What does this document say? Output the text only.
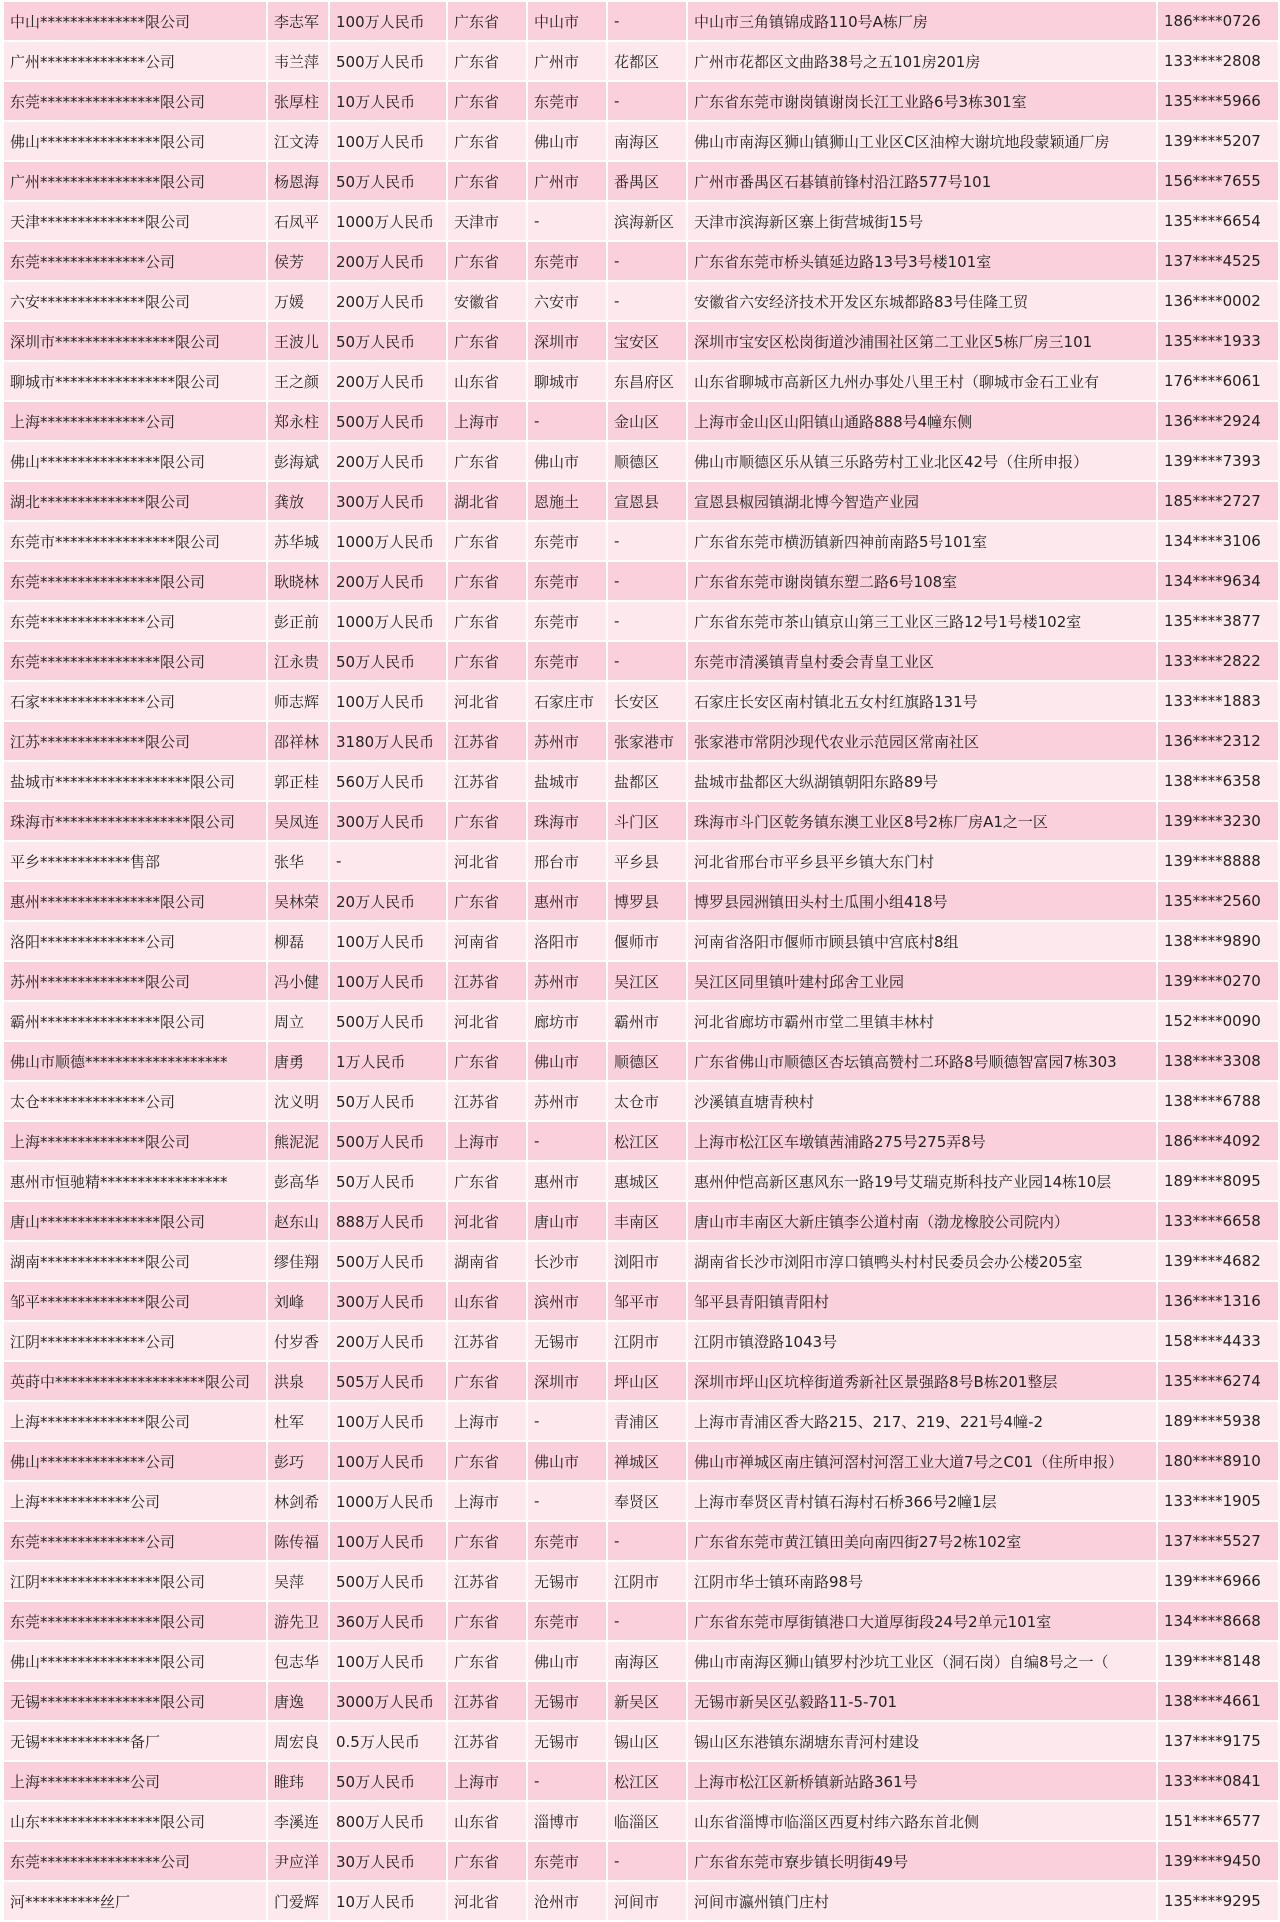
中山**************限公司	李志军	100万人民币	广东省	中山市	-	中山市三角镇锦成路110号A栋厂房	186****0726
广州**************公司	韦兰萍	500万人民币	广东省	广州市	花都区	广州市花都区文曲路38号之五101房201房	133****2808
东莞****************限公司	张厚柱	10万人民币	广东省	东莞市	-	广东省东莞市谢岗镇谢岗长江工业路6号3栋301室	135****5966
佛山****************限公司	江文涛	100万人民币	广东省	佛山市	南海区	佛山市南海区狮山镇狮山工业区C区油榨大谢坑地段蒙颖通厂房	139****5207
广州****************限公司	杨恩海	50万人民币	广东省	广州市	番禺区	广州市番禺区石碁镇前锋村沿江路577号101	156****7655
天津**************限公司	石凤平	1000万人民币	天津市	-	滨海新区	天津市滨海新区寨上街营城街15号	135****6654
东莞**************公司	侯芳	200万人民币	广东省	东莞市	-	广东省东莞市桥头镇延边路13号3号楼101室	137****4525
六安**************限公司	万媛	200万人民币	安徽省	六安市	-	安徽省六安经济技术开发区东城都路83号佳隆工贸	136****0002
深圳市****************限公司	王波儿	50万人民币	广东省	深圳市	宝安区	深圳市宝安区松岗街道沙浦围社区第二工业区5栋厂房三101	135****1933
聊城市****************限公司	王之颜	200万人民币	山东省	聊城市	东昌府区	山东省聊城市高新区九州办事处八里王村（聊城市金石工业有	176****6061
上海**************公司	郑永柱	500万人民币	上海市	-	金山区	上海市金山区山阳镇山通路888号4幢东侧	136****2924
佛山****************限公司	彭海斌	200万人民币	广东省	佛山市	顺德区	佛山市顺德区乐从镇三乐路劳村工业北区42号（住所申报）	139****7393
湖北**************限公司	龚放	300万人民币	湖北省	恩施土	宣恩县	宣恩县椒园镇湖北博今智造产业园	185****2727
东莞市****************限公司	苏华城	1000万人民币	广东省	东莞市	-	广东省东莞市横沥镇新四神前南路5号101室	134****3106
东莞****************限公司	耿晓林	200万人民币	广东省	东莞市	-	广东省东莞市谢岗镇东塑二路6号108室	134****9634
东莞**************公司	彭正前	1000万人民币	广东省	东莞市	-	广东省东莞市茶山镇京山第三工业区三路12号1号楼102室	135****3877
东莞****************限公司	江永贵	50万人民币	广东省	东莞市	-	东莞市清溪镇青皇村委会青皇工业区	133****2822
石家**************公司	师志辉	100万人民币	河北省	石家庄市	长安区	石家庄长安区南村镇北五女村红旗路131号	133****1883
江苏**************限公司	邵祥林	3180万人民币	江苏省	苏州市	张家港市	张家港市常阴沙现代农业示范园区常南社区	136****2312
盐城市******************限公司	郭正桂	560万人民币	江苏省	盐城市	盐都区	盐城市盐都区大纵湖镇朝阳东路89号	138****6358
珠海市******************限公司	吴凤连	300万人民币	广东省	珠海市	斗门区	珠海市斗门区乾务镇东澳工业区8号2栋厂房A1之一区	139****3230
平乡************售部	张华	-	河北省	邢台市	平乡县	河北省邢台市平乡县平乡镇大东门村	139****8888
惠州****************限公司	吴林荣	20万人民币	广东省	惠州市	博罗县	博罗县园洲镇田头村土瓜围小组418号	135****2560
洛阳**************公司	柳磊	100万人民币	河南省	洛阳市	偃师市	河南省洛阳市偃师市顾县镇中宫底村8组	138****9890
苏州**************限公司	冯小健	100万人民币	江苏省	苏州市	吴江区	吴江区同里镇叶建村邱舍工业园	139****0270
霸州****************限公司	周立	500万人民币	河北省	廊坊市	霸州市	河北省廊坊市霸州市堂二里镇丰林村	152****0090
佛山市顺德*******************	唐勇	1万人民币	广东省	佛山市	顺德区	广东省佛山市顺德区杏坛镇高赞村二环路8号顺德智富园7栋303	138****3308
太仓**************公司	沈义明	50万人民币	江苏省	苏州市	太仓市	沙溪镇直塘青秧村	138****6788
上海**************限公司	熊泥泥	500万人民币	上海市	-	松江区	上海市松江区车墩镇茜浦路275号275弄8号	186****4092
惠州市恒驰精*****************	彭高华	50万人民币	广东省	惠州市	惠城区	惠州仲恺高新区惠风东一路19号艾瑞克斯科技产业园14栋10层	189****8095
唐山****************限公司	赵东山	888万人民币	河北省	唐山市	丰南区	唐山市丰南区大新庄镇李公道村南（渤龙橡胶公司院内）	133****6658
湖南**************限公司	缪佳翔	500万人民币	湖南省	长沙市	浏阳市	湖南省长沙市浏阳市淳口镇鸭头村村民委员会办公楼205室	139****4682
邹平**************限公司	刘峰	300万人民币	山东省	滨州市	邹平市	邹平县青阳镇青阳村	136****1316
江阴**************公司	付岁香	200万人民币	江苏省	无锡市	江阴市	江阴市镇澄路1043号	158****4433
英莳中********************限公司	洪泉	505万人民币	广东省	深圳市	坪山区	深圳市坪山区坑梓街道秀新社区景强路8号B栋201整层	135****6274
上海**************限公司	杜军	100万人民币	上海市	-	青浦区	上海市青浦区香大路215、217、219、221号4幢-2	189****5938
佛山**************公司	彭巧	100万人民币	广东省	佛山市	禅城区	佛山市禅城区南庄镇河滘村河滘工业大道7号之C01（住所申报）	180****8910
上海************公司	林剑希	1000万人民币	上海市	-	奉贤区	上海市奉贤区青村镇石海村石桥366号2幢1层	133****1905
东莞**************公司	陈传福	100万人民币	广东省	东莞市	-	广东省东莞市黄江镇田美向南四街27号2栋102室	137****5527
江阴****************限公司	吴萍	500万人民币	江苏省	无锡市	江阴市	江阴市华士镇环南路98号	139****6966
东莞****************限公司	游先卫	360万人民币	广东省	东莞市	-	广东省东莞市厚街镇港口大道厚街段24号2单元101室	134****8668
佛山****************限公司	包志华	100万人民币	广东省	佛山市	南海区	佛山市南海区狮山镇罗村沙坑工业区（洞石岗）自编8号之一（	139****8148
无锡****************限公司	唐逸	3000万人民币	江苏省	无锡市	新吴区	无锡市新吴区弘毅路11-5-701	138****4661
无锡************备厂	周宏良	0.5万人民币	江苏省	无锡市	锡山区	锡山区东港镇东湖塘东青河村建设	137****9175
上海************公司	睢玮	50万人民币	上海市	-	松江区	上海市松江区新桥镇新站路361号	133****0841
山东****************限公司	李溪连	800万人民币	山东省	淄博市	临淄区	山东省淄博市临淄区西夏村纬六路东首北侧	151****6577
东莞****************公司	尹应洋	30万人民币	广东省	东莞市	-	广东省东莞市寮步镇长明街49号	139****9450
河**********丝厂	门爱辉	10万人民币	河北省	沧州市	河间市	河间市瀛州镇门庄村	135****9295
